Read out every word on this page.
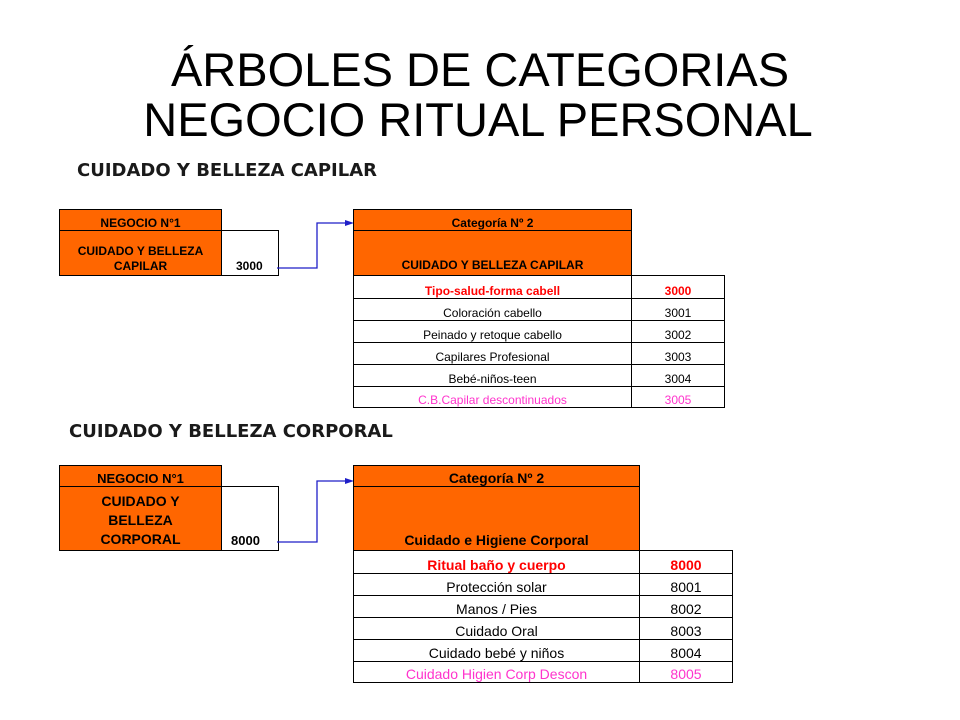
ÁRBOLES DE CATEGORIAS
NEGOCIO RITUAL PERSONAL
CUIDADO Y BELLEZA CAPILAR
NEGOCIO N°1	
CUIDADO Y BELLEZA CAPILAR	3000
Categoría Nº 2	
CUIDADO Y BELLEZA CAPILAR	
Tipo-salud-forma cabell	3000
Coloración cabello	3001
Peinado y retoque cabello	3002
Capilares Profesional	3003
Bebé-niños-teen	3004
C.B.Capilar descontinuados	3005
CUIDADO Y BELLEZA CORPORAL
NEGOCIO N°1	
CUIDADO Y BELLEZA CORPORAL	8000
Categoría Nº 2	
Cuidado e Higiene Corporal	
Ritual baño y cuerpo	8000
Protección solar	8001
Manos / Pies	8002
Cuidado Oral	8003
Cuidado bebé y niños	8004
Cuidado Higien Corp Descon	8005
